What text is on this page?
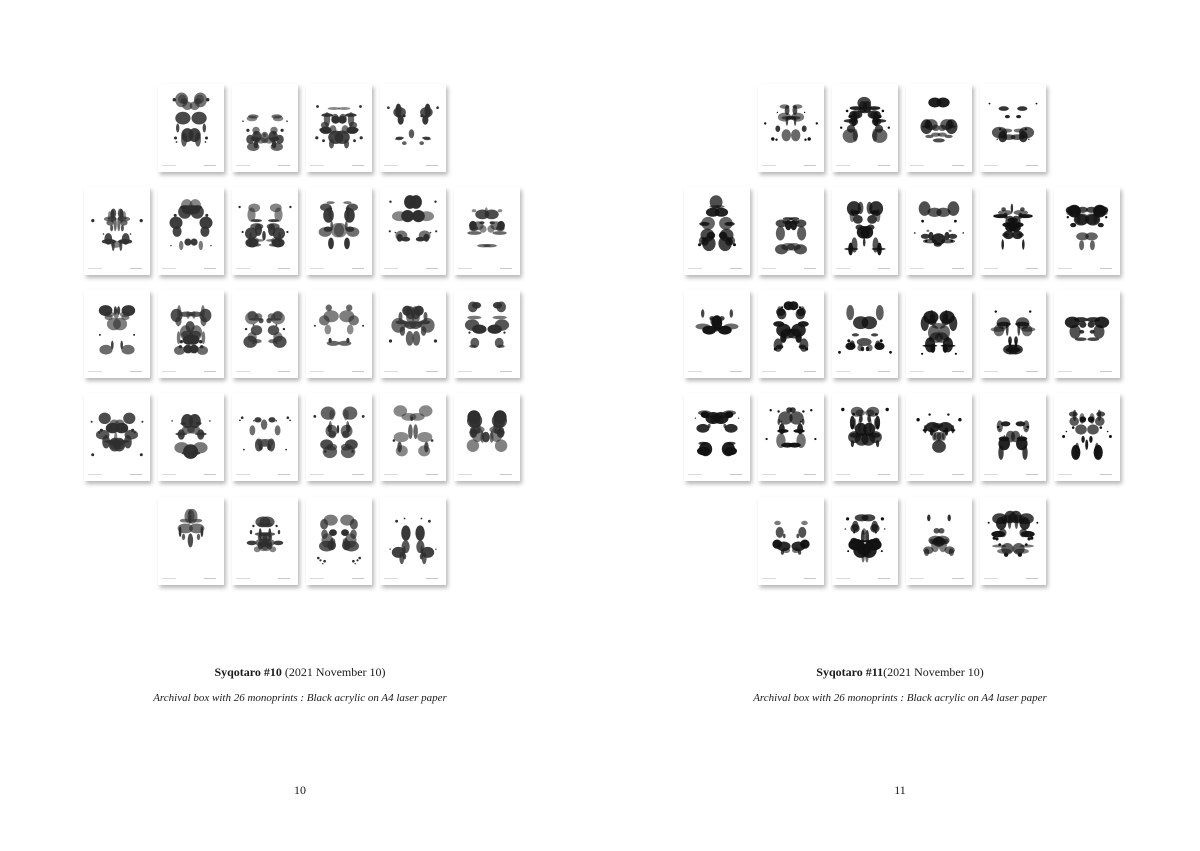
Syqotaro #10 (2021 November 10)
Archival box with 26 monoprints : Black acrylic on A4 laser paper
10
Syqotaro #11(2021 November 10)
Archival box with 26 monoprints : Black acrylic on A4 laser paper
11
